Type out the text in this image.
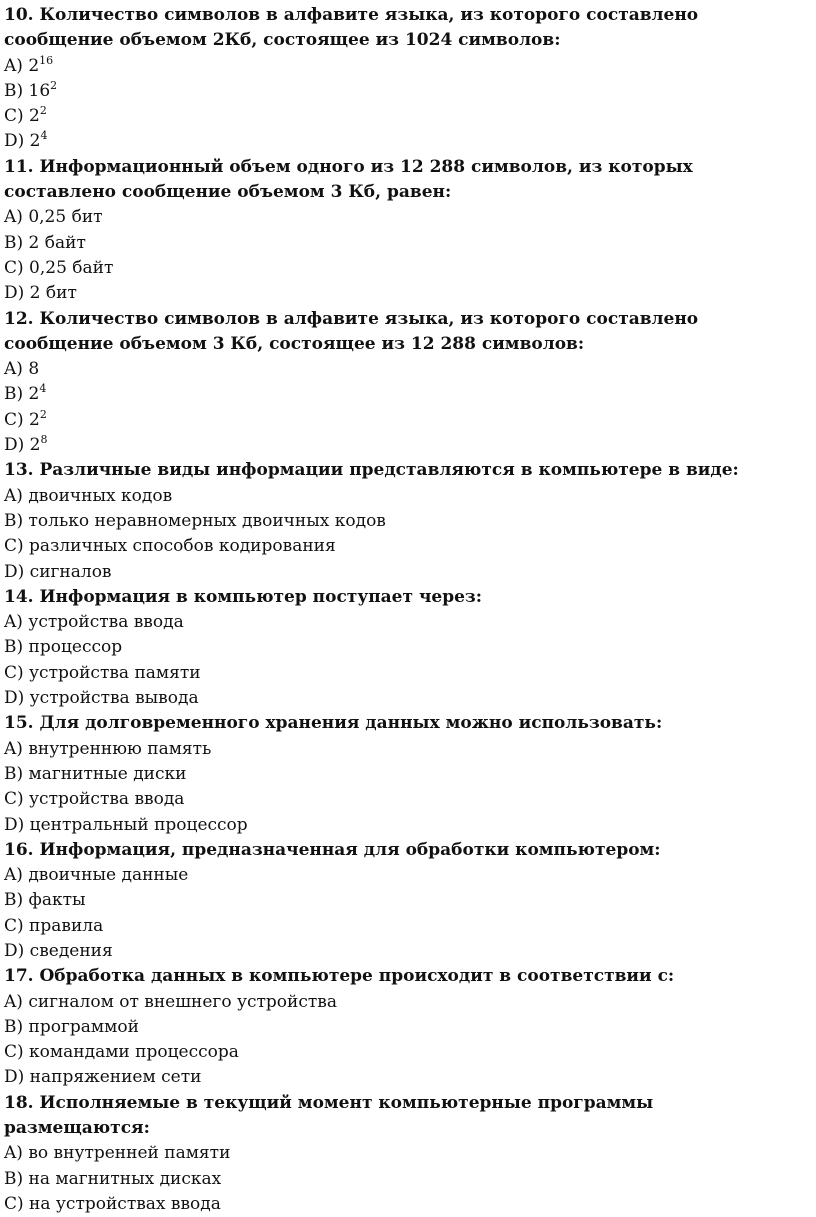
10. Количество символов в алфавите языка, из которого составлено сообщение объемом 2Кб, состоящее из 1024 символов:

A) $2^{16}$

B) $16^2$

C) $2^2$

D) $2^4$

11. Информационный объем одного из 12 288 символов, из которых составлено сообщение объемом 3 Кб, равен:

A) 0,25 бит

B) 2 байт

C) 0,25 байт

D) 2 бит

12. Количество символов в алфавите языка, из которого составлено сообщение объемом 3 Кб, состоящее из 12 288 символов:

A) 8

B) $2^4$

C) $2^2$

D) $2^8$

13. Различные виды информации представляются в компьютере в виде:

A) двоичных кодов

B) только неравномерных двоичных кодов

C) различных способов кодирования

D) сигналов

14. Информация в компьютер поступает через:

A) устройства ввода

B) процессор

C) устройства памяти

D) устройства вывода

15. Для долговременного хранения данных можно использовать:

A) внутреннюю память

B) магнитные диски

C) устройства ввода

D) центральный процессор

16. Информация, предназначенная для обработки компьютером:

A) двоичные данные

B) факты

C) правила

D) сведения

17. Обработка данных в компьютере происходит в соответствии с:

A) сигналом от внешнего устройства

B) программой

C) командами процессора

D) напряжением сети

18. Исполняемые в текущий момент компьютерные программы размещаются:

A) во внутренней памяти

B) на магнитных дисках

C) на устройствах ввода
